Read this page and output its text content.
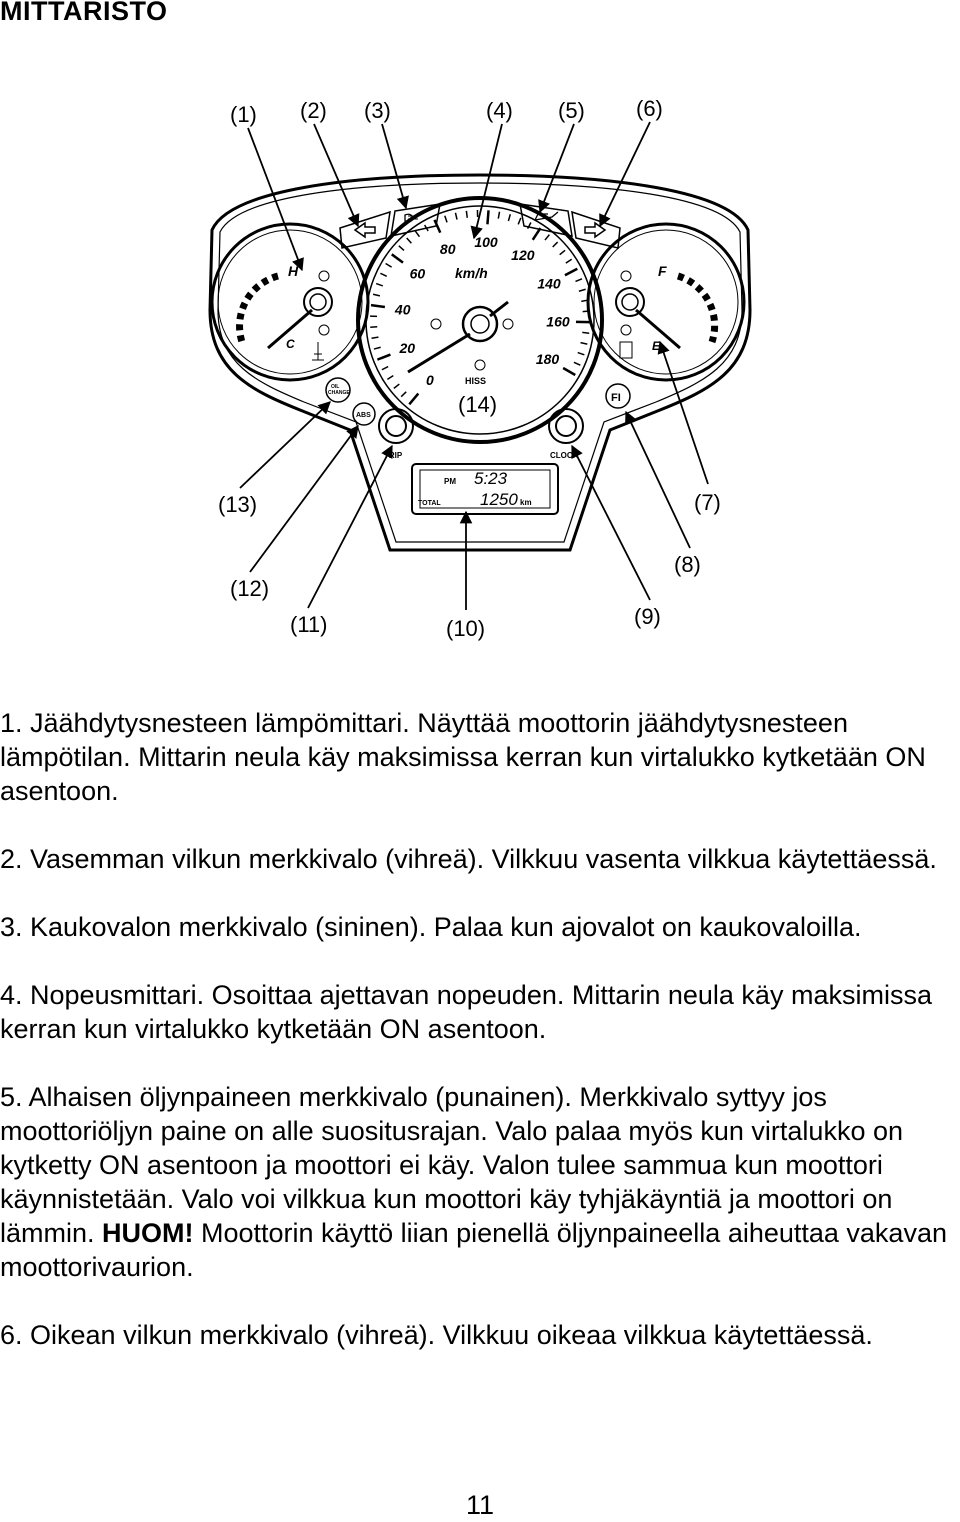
MITTARISTO
H
C
F
E
0
20
40
60
80 100
120
140
160
180
km/h
HISS
(14)
OIL
CHANGE
ABS
FI
TRIP	CLOCK
PM 5:23
TOTAL 1250 km
(1) (2) (3)	(4) (5) (6)
(7)
(8)
(9)
(10)
(11)
(12)
(13)

1. Jäähdytysnesteen lämpömittari. Näyttää moottorin jäähdytysnesteen lämpötilan. Mittarin neula käy maksimissa kerran kun virtalukko kytketään ON asentoon.

2. Vasemman vilkun merkkivalo (vihreä). Vilkkuu vasenta vilkkua käytettäessä.

3. Kaukovalon merkkivalo (sininen). Palaa kun ajovalot on kaukovaloilla.

4. Nopeusmittari. Osoittaa ajettavan nopeuden. Mittarin neula käy maksimissa kerran kun virtalukko kytketään ON asentoon.

5. Alhaisen öljynpaineen merkkivalo (punainen). Merkkivalo syttyy jos moottoriöljyn paine on alle suositusrajan. Valo palaa myös kun virtalukko on kytketty ON asentoon ja moottori ei käy. Valon tulee sammua kun moottori käynnistetään. Valo voi vilkkua kun moottori käy tyhjäkäyntiä ja moottori on lämmin. HUOM! Moottorin käyttö liian pienellä öljynpaineella aiheuttaa vakavan moottorivaurion.

6. Oikean vilkun merkkivalo (vihreä). Vilkkuu oikeaa vilkkua käytettäessä.

11
